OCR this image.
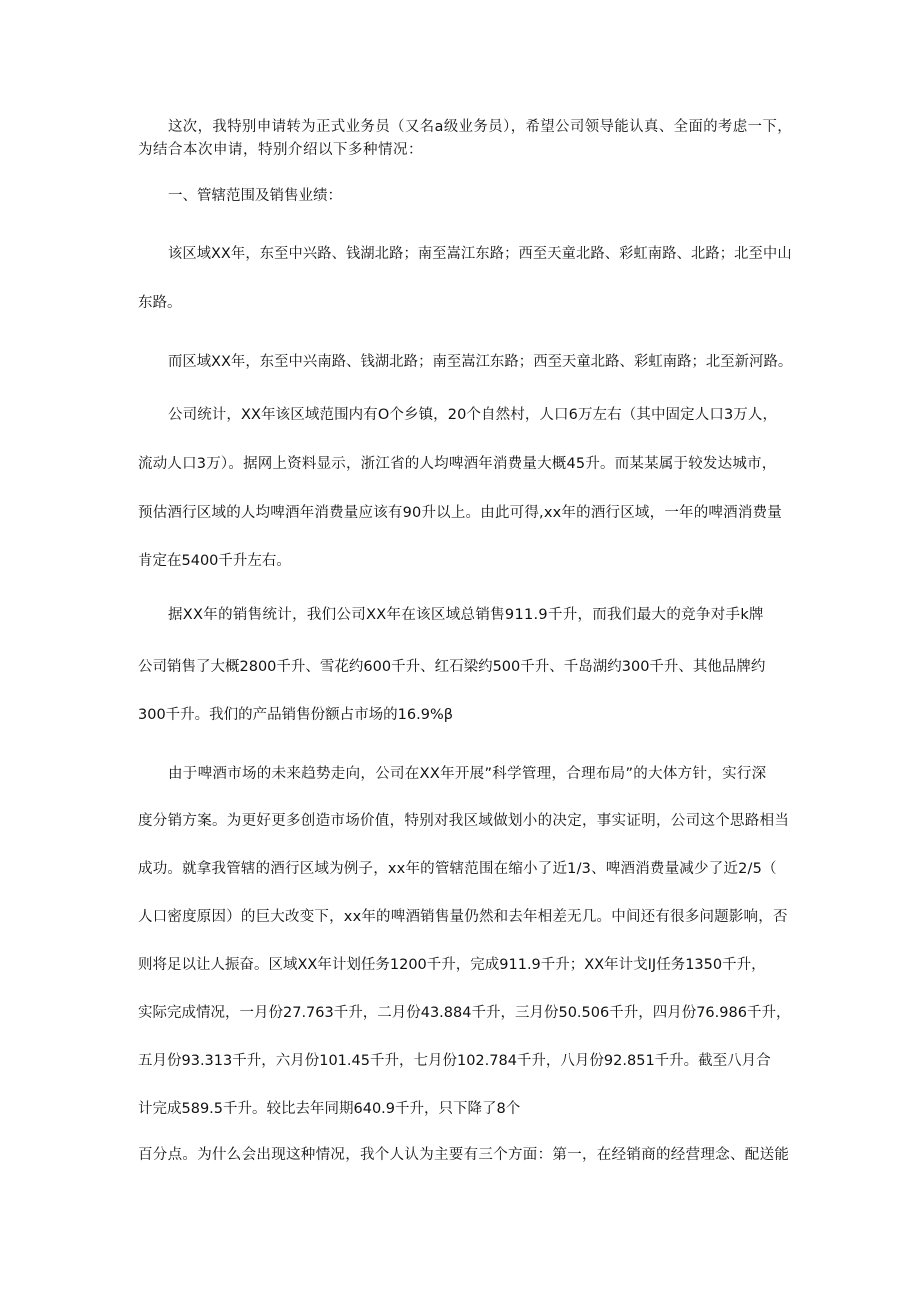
这次，我特别申请转为正式业务员（又名a级业务员），希望公司领导能认真、全面的考虑一下，
为结合本次申请，特别介绍以下多种情况：
一、管辖范围及销售业绩：
该区域XX年，东至中兴路、钱湖北路；南至嵩江东路；西至天童北路、彩虹南路、北路；北至中山
东路。
而区域XX年，东至中兴南路、钱湖北路；南至嵩江东路；西至天童北路、彩虹南路；北至新河路。
公司统计，XX年该区域范围内有O个乡镇，20个自然村，人口6万左右（其中固定人口3万人，
流动人口3万）。据网上资料显示，浙江省的人均啤酒年消费量大概45升。而某某属于较发达城市，
预估酒行区域的人均啤酒年消费量应该有90升以上。由此可得,xx年的酒行区域，一年的啤酒消费量
肯定在5400千升左右。
据XX年的销售统计，我们公司XX年在该区域总销售911.9千升，而我们最大的竞争对手k牌
公司销售了大概2800千升、雪花约600千升、红石梁约500千升、千岛湖约300千升、其他品牌约
300千升。我们的产品销售份额占市场的16.9%β
由于啤酒市场的未来趋势走向，公司在XX年开展”科学管理，合理布局”的大体方针，实行深
度分销方案。为更好更多创造市场价值，特别对我区域做划小的决定，事实证明，公司这个思路相当
成功。就拿我管辖的酒行区域为例子，xx年的管辖范围在缩小了近1/3、啤酒消费量减少了近2/5（
人口密度原因）的巨大改变下，xx年的啤酒销售量仍然和去年相差无几。中间还有很多问题影响，否
则将足以让人振奋。区域XX年计划任务1200千升，完成911.9千升；XX年计戈IJ任务1350千升，
实际完成情况，一月份27.763千升，二月份43.884千升，三月份50.506千升，四月份76.986千升，
五月份93.313千升，六月份101.45千升，七月份102.784千升，八月份92.851千升。截至八月合
计完成589.5千升。较比去年同期640.9千升，只下降了8个
百分点。为什么会出现这种情况，我个人认为主要有三个方面：第一，在经销商的经营理念、配送能
